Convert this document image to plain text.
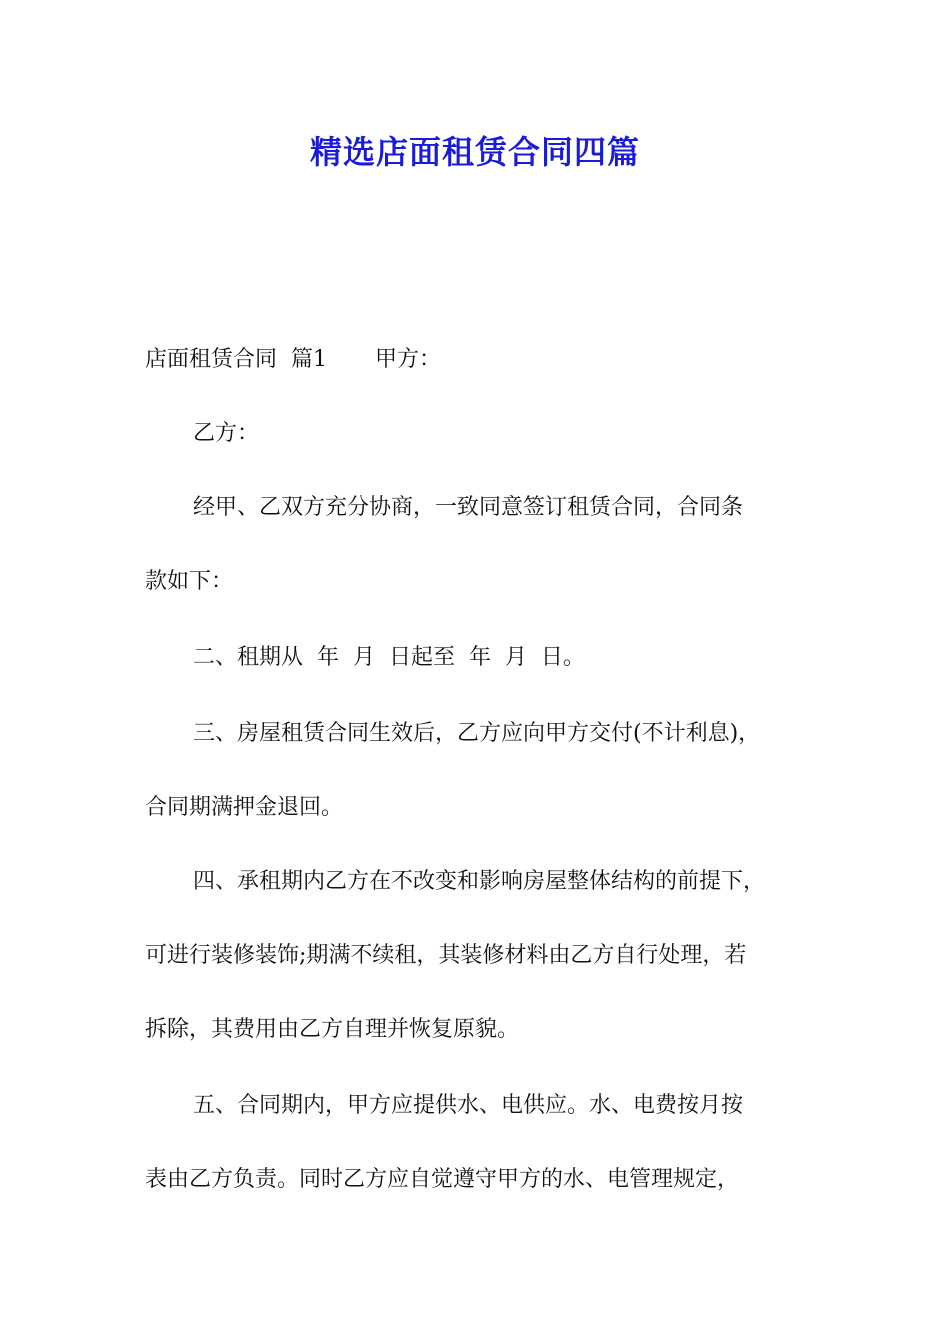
精选店面租赁合同四篇

店面租赁合同  篇1 甲方：

乙方：

经甲、乙双方充分协商，一致同意签订租赁合同，合同条

款如下：

二、租期从  年  月  日起至  年  月  日。

三、房屋租赁合同生效后，乙方应向甲方交付(不计利息)，

合同期满押金退回。

四、承租期内乙方在不改变和影响房屋整体结构的前提下，

可进行装修装饰;期满不续租，其装修材料由乙方自行处理，若

拆除，其费用由乙方自理并恢复原貌。

五、合同期内，甲方应提供水、电供应。水、电费按月按

表由乙方负责。同时乙方应自觉遵守甲方的水、电管理规定，
